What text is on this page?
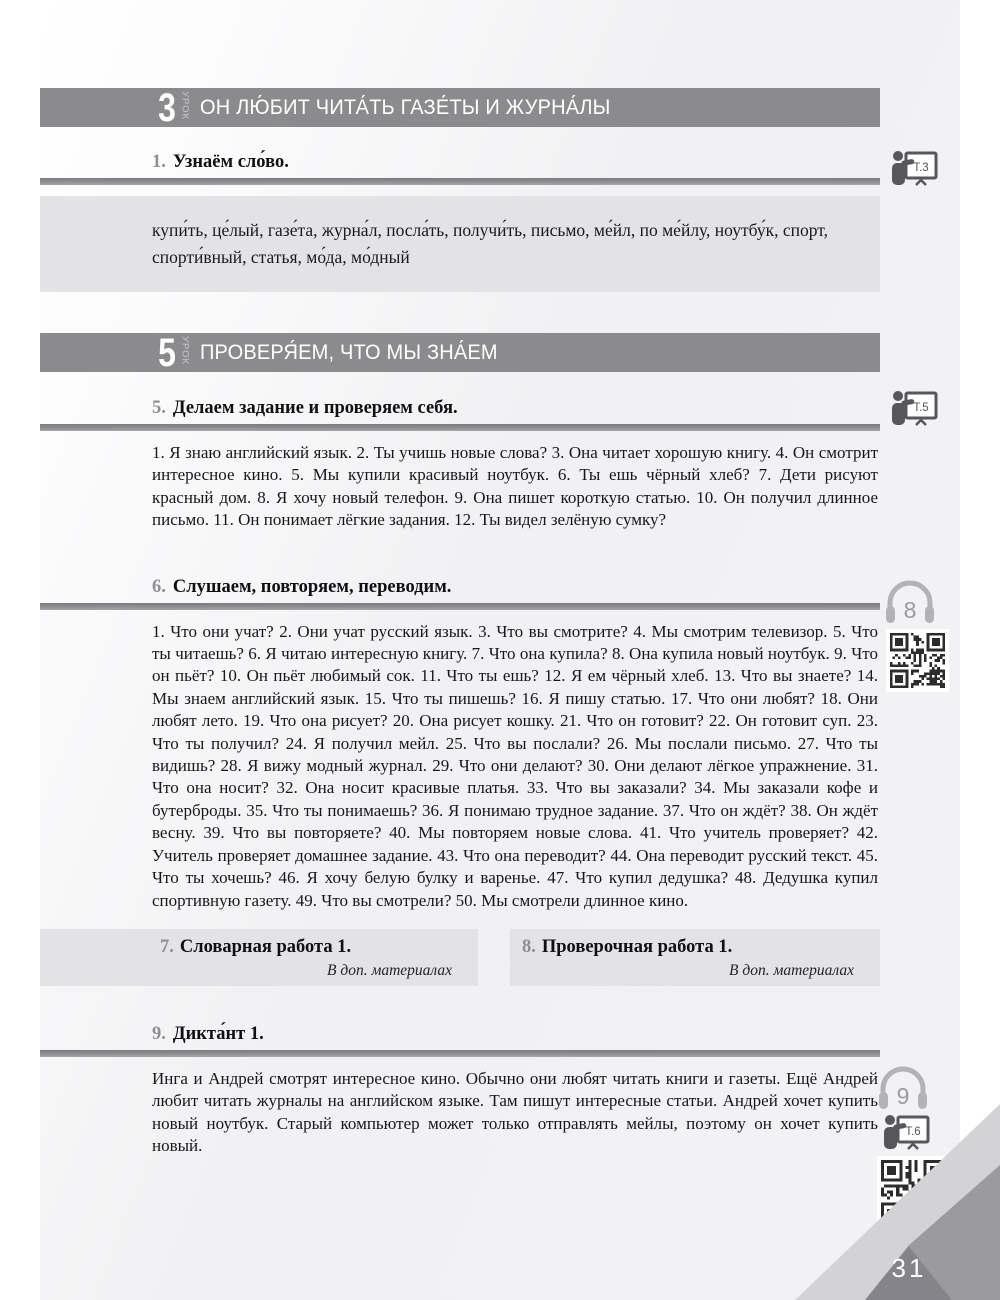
3 УРОК ОН ЛЮ́БИТ ЧИТА́ТЬ ГАЗЕ́ТЫ И ЖУРНА́ЛЫ
1. Узнаём сло́во.
купи́ть, це́лый, газе́та, журна́л, посла́ть, получи́ть, письмо, ме́йл, по ме́йлу, ноутбу́к, спорт, спорти́вный, статья, мо́да, мо́дный
5 УРОК ПРОВЕРЯ́ЕМ, ЧТО МЫ ЗНА́ЕМ
5. Делаем задание и проверяем себя.

1. Я знаю английский язык. 2. Ты учишь новые слова? 3. Она читает хорошую книгу. 4. Он смотрит интересное кино. 5. Мы купили красивый ноутбук. 6. Ты ешь чёрный хлеб? 7. Дети рисуют красный дом. 8. Я хочу новый телефон. 9. Она пишет короткую статью. 10. Он получил длинное письмо. 11. Он понимает лёгкие задания. 12. Ты видел зелёную сумку?

6. Слушаем, повторяем, переводим.

1. Что они учат? 2. Они учат русский язык. 3. Что вы смотрите? 4. Мы смотрим телевизор. 5. Что ты читаешь? 6. Я читаю интересную книгу. 7. Что она купила? 8. Она купила новый ноутбук. 9. Что он пьёт? 10. Он пьёт любимый сок. 11. Что ты ешь? 12. Я ем чёрный хлеб. 13. Что вы знаете? 14. Мы знаем английский язык. 15. Что ты пишешь? 16. Я пишу статью. 17. Что они любят? 18. Они любят лето. 19. Что она рисует? 20. Она рисует кошку. 21. Что он готовит? 22. Он готовит суп. 23. Что ты получил? 24. Я получил мейл. 25. Что вы послали? 26. Мы послали письмо. 27. Что ты видишь? 28. Я вижу модный журнал. 29. Что они делают? 30. Они делают лёгкое упражнение. 31. Что она носит? 32. Она носит красивые платья. 33. Что вы заказали? 34. Мы заказали кофе и бутерброды. 35. Что ты понимаешь? 36. Я понимаю трудное задание. 37. Что он ждёт? 38. Он ждёт весну. 39. Что вы повторяете? 40. Мы повторяем новые слова. 41. Что учитель проверяет? 42. Учитель проверяет домашнее задание. 43. Что она переводит? 44. Она переводит русский текст. 45. Что ты хочешь? 46. Я хочу белую булку и варенье. 47. Что купил дедушка? 48. Дедушка купил спортивную газету. 49. Что вы смотрели? 50. Мы смотрели длинное кино.

7. Словарная работа 1.
В доп. материалах
8. Проверочная работа 1.
В доп. материалах
9. Дикта́нт 1.

Инга и Андрей смотрят интересное кино. Обычно они любят читать книги и газеты. Ещё Андрей любит читать журналы на английском языке. Там пишут интересные статьи. Андрей хочет купить новый ноутбук. Старый компьютер может только отправлять мейлы, поэтому он хочет купить новый.

Т.3
Т.5
8
9
Т.6
31
